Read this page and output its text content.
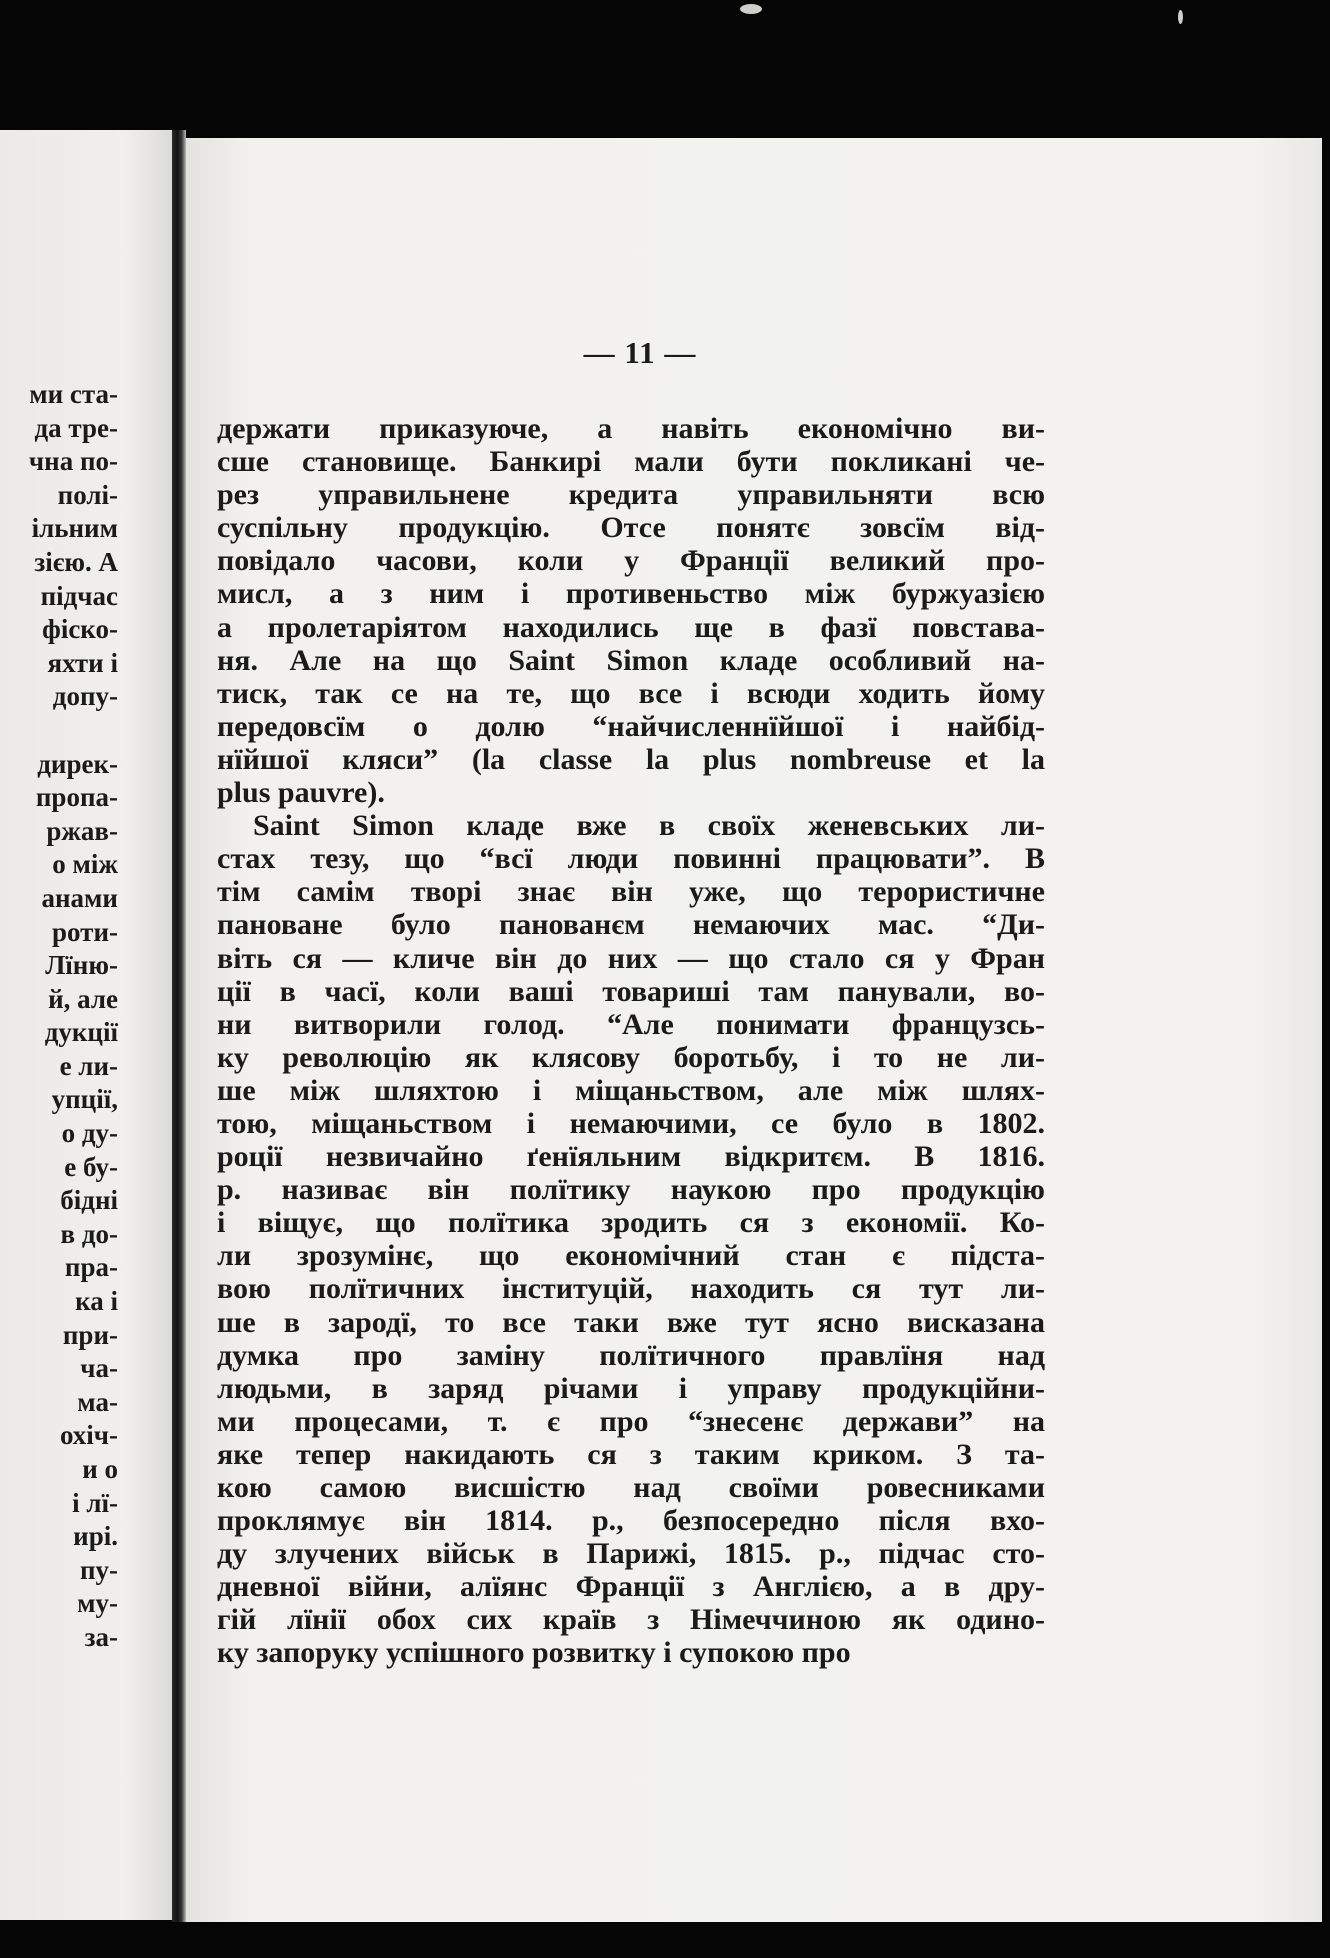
ми ста-
да тре-
чна по-
полі-
ільним
зією. А
підчас
фіско-
яхти і
допу-
дирек-
пропа-
ржав-
о між
анами
роти-
Лїню-
й, але
дукції
е ли-
упції,
о ду-
е бу-
бідні
в до-
пра-
ка і
при-
ча-
ма-
охіч-
и о
і лї-
ирі.
пу-
му-
за-
— 11 —
держати приказуюче, а навіть економічно ви-
сше становище. Банкирі мали бути покликані че-
рез управильнене кредита управильняти всю
суспільну продукцію. Отсе понятє зовсїм від-
повідало часови, коли у Франції великий про-
мисл, а з ним і противеньство між буржуазією
а пролетаріятом находились ще в фазї повстава-
ня. Але на що Saint Simon кладе особливий на-
тиск, так се на те, що все і всюди ходить йому
передовсїм о долю “найчисленнїйшої і найбід-
нїйшої кляси” (la classe la plus nombreuse et la
plus pauvre).
Saint Simon кладе вже в своїх женевських ли-
стах тезу, що “всї люди повинні працювати”. В
тім самім творі знає він уже, що терористичне
пановане було панованєм немаючих мас. “Ди-
віть ся — кличе він до них — що стало ся у Фран
ції в часї, коли ваші товариші там панували, во-
ни витворили голод. “Але понимати французсь-
ку революцію як клясову боротьбу, і то не ли-
ше між шляхтою і міщаньством, але між шлях-
тою, міщаньством і немаючими, се було в 1802.
роції незвичайно ґенїяльним відкритєм. В 1816.
р. називає він полїтику наукою про продукцію
і віщує, що полїтика зродить ся з економії. Ко-
ли зрозумінє, що економічний стан є підста-
вою полїтичних інституцій, находить ся тут ли-
ше в зародї, то все таки вже тут ясно висказана
думка про заміну полїтичного правлїня над
людьми, в заряд річами і управу продукційни-
ми процесами, т. є про “знесенє держави” на
яке тепер накидають ся з таким криком. З та-
кою самою висшістю над своїми ровесниками
проклямує він 1814. р., безпосередно після вхо-
ду злучених військ в Парижі, 1815. р., підчас сто-
дневної війни, алїянс Франції з Англією, а в дру-
гій лїнії обох сих країв з Німеччиною як одино-
ку запоруку успішного розвитку і супокою про
